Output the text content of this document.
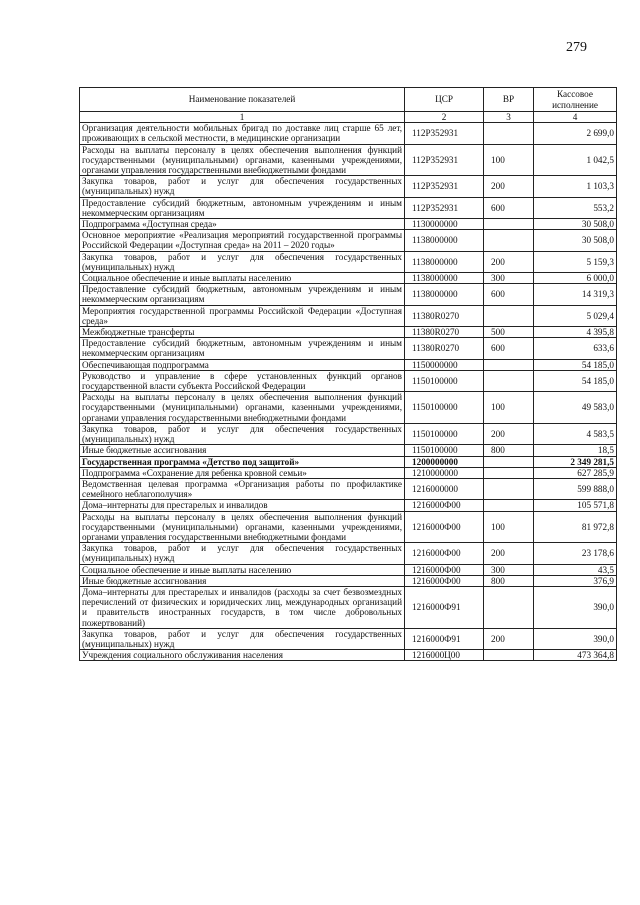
279
Наименование показателей	ЦСР	ВР	Кассовое исполнение
1	2	3	4
Организация деятельности мобильных бригад по доставке лиц старше 65 лет, проживающих в сельской местности, в медицинские организации	112P352931		2 699,0
Расходы на выплаты персоналу в целях обеспечения выполнения функций государственными (муниципальными) органами, казенными учреждениями, органами управления государственными внебюджетными фондами	112P352931	100	1 042,5
Закупка товаров, работ и услуг для обеспечения государственных (муниципальных) нужд	112P352931	200	1 103,3
Предоставление субсидий бюджетным, автономным учреждениям и иным некоммерческим организациям	112P352931	600	553,2
Подпрограмма «Доступная среда»	1130000000		30 508,0
Основное мероприятие «Реализация мероприятий государственной программы Российской Федерации «Доступная среда» на 2011 – 2020 годы»	1138000000		30 508,0
Закупка товаров, работ и услуг для обеспечения государственных (муниципальных) нужд	1138000000	200	5 159,3
Социальное обеспечение и иные выплаты населению	1138000000	300	6 000,0
Предоставление субсидий бюджетным, автономным учреждениям и иным некоммерческим организациям	1138000000	600	14 319,3
Мероприятия государственной программы Российской Федерации «Доступная среда»	11380R0270		5 029,4
Межбюджетные трансферты	11380R0270	500	4 395,8
Предоставление субсидий бюджетным, автономным учреждениям и иным некоммерческим организациям	11380R0270	600	633,6
Обеспечивающая подпрограмма	1150000000		54 185,0
Руководство и управление в сфере установленных функций органов государственной власти субъекта Российской Федерации	1150100000		54 185,0
Расходы на выплаты персоналу в целях обеспечения выполнения функций государственными (муниципальными) органами, казенными учреждениями, органами управления государственными внебюджетными фондами	1150100000	100	49 583,0
Закупка товаров, работ и услуг для обеспечения государственных (муниципальных) нужд	1150100000	200	4 583,5
Иные бюджетные ассигнования	1150100000	800	18,5
Государственная программа «Детство под защитой»	1200000000		2 349 281,5
Подпрограмма «Сохранение для ребенка кровной семьи»	1210000000		627 285,9
Ведомственная целевая программа «Организация работы по профилактике семейного неблагополучия»	1216000000		599 888,0
Дома–интернаты для престарелых и инвалидов	1216000Ф00		105 571,8
Расходы на выплаты персоналу в целях обеспечения выполнения функций государственными (муниципальными) органами, казенными учреждениями, органами управления государственными внебюджетными фондами	1216000Ф00	100	81 972,8
Закупка товаров, работ и услуг для обеспечения государственных (муниципальных) нужд	1216000Ф00	200	23 178,6
Социальное обеспечение и иные выплаты населению	1216000Ф00	300	43,5
Иные бюджетные ассигнования	1216000Ф00	800	376,9
Дома–интернаты для престарелых и инвалидов (расходы за счет безвозмездных перечислений от физических и юридических лиц, международных организаций и правительств иностранных государств, в том числе добровольных пожертвований)	1216000Ф91		390,0
Закупка товаров, работ и услуг для обеспечения государственных (муниципальных) нужд	1216000Ф91	200	390,0
Учреждения социального обслуживания населения	1216000Ц00		473 364,8
